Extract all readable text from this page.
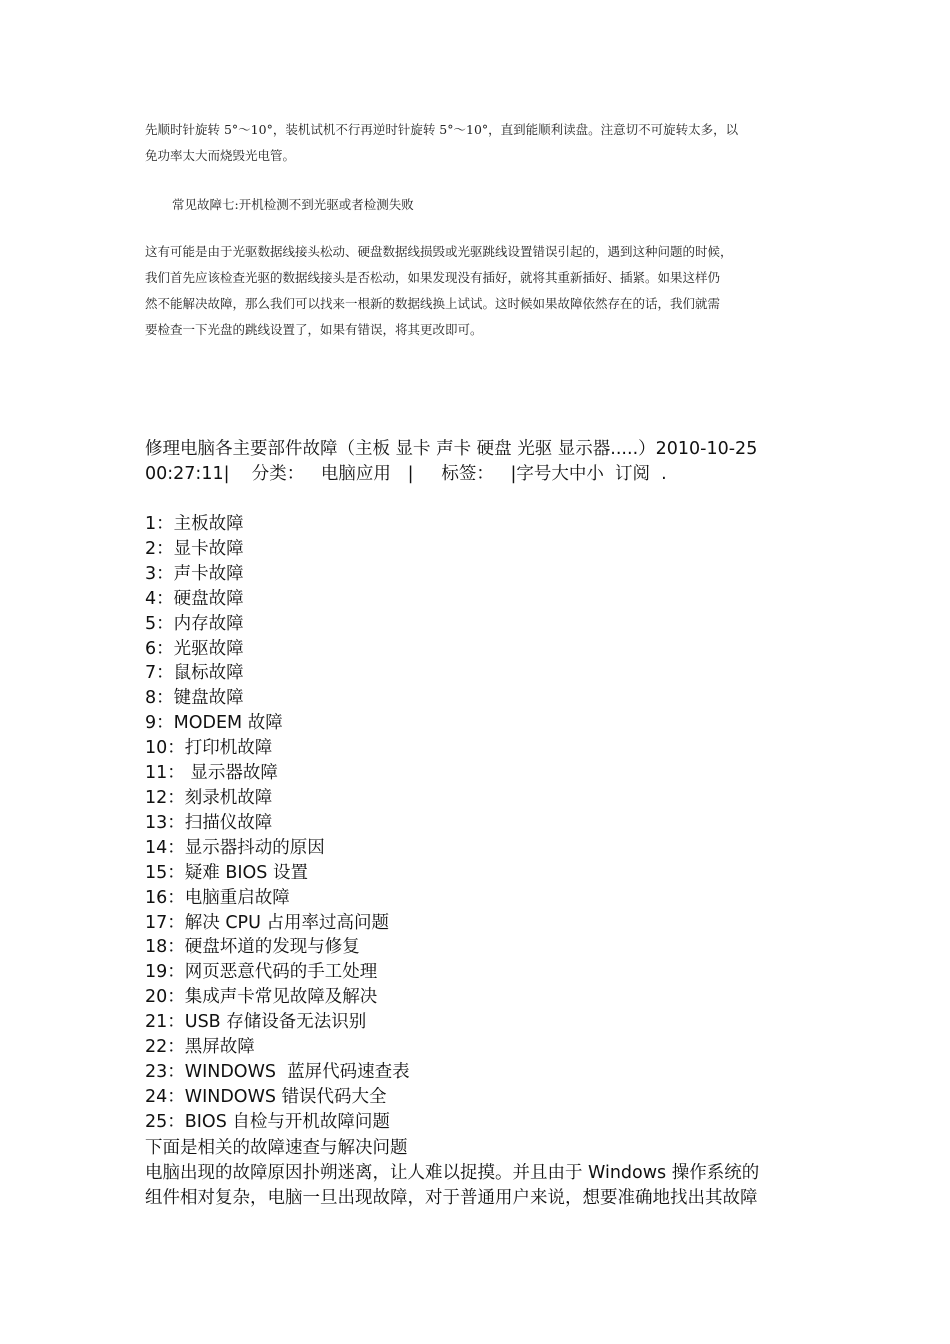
先顺时针旋转 5°～10°，装机试机不行再逆时针旋转 5°～10°，直到能顺利读盘。注意切不可旋转太多，以
免功率太大而烧毁光电管。
常见故障七:开机检测不到光驱或者检测失败
这有可能是由于光驱数据线接头松动、硬盘数据线损毁或光驱跳线设置错误引起的，遇到这种问题的时候，
我们首先应该检查光驱的数据线接头是否松动，如果发现没有插好，就将其重新插好、插紧。如果这样仍
然不能解决故障，那么我们可以找来一根新的数据线换上试试。这时候如果故障依然存在的话，我们就需
要检查一下光盘的跳线设置了，如果有错误，将其更改即可。
修理电脑各主要部件故障（主板 显卡 声卡 硬盘 光驱 显示器.....）2010-10-25
00:27:11|    分类：   电脑应用   |     标签：   |字号大中小  订阅  .
1：主板故障
2：显卡故障
3：声卡故障
4：硬盘故障
5：内存故障
6：光驱故障
7：鼠标故障
8：键盘故障
9：MODEM 故障
10：打印机故障
11： 显示器故障
12：刻录机故障
13：扫描仪故障
14：显示器抖动的原因
15：疑难 BIOS 设置
16：电脑重启故障
17：解决 CPU 占用率过高问题
18：硬盘坏道的发现与修复
19：网页恶意代码的手工处理
20：集成声卡常见故障及解决
21：USB 存储设备无法识别
22：黑屏故障
23：WINDOWS  蓝屏代码速查表
24：WINDOWS 错误代码大全
25：BIOS 自检与开机故障问题
下面是相关的故障速查与解决问题
电脑出现的故障原因扑朔迷离，让人难以捉摸。并且由于 Windows 操作系统的
组件相对复杂，电脑一旦出现故障，对于普通用户来说，想要准确地找出其故障
